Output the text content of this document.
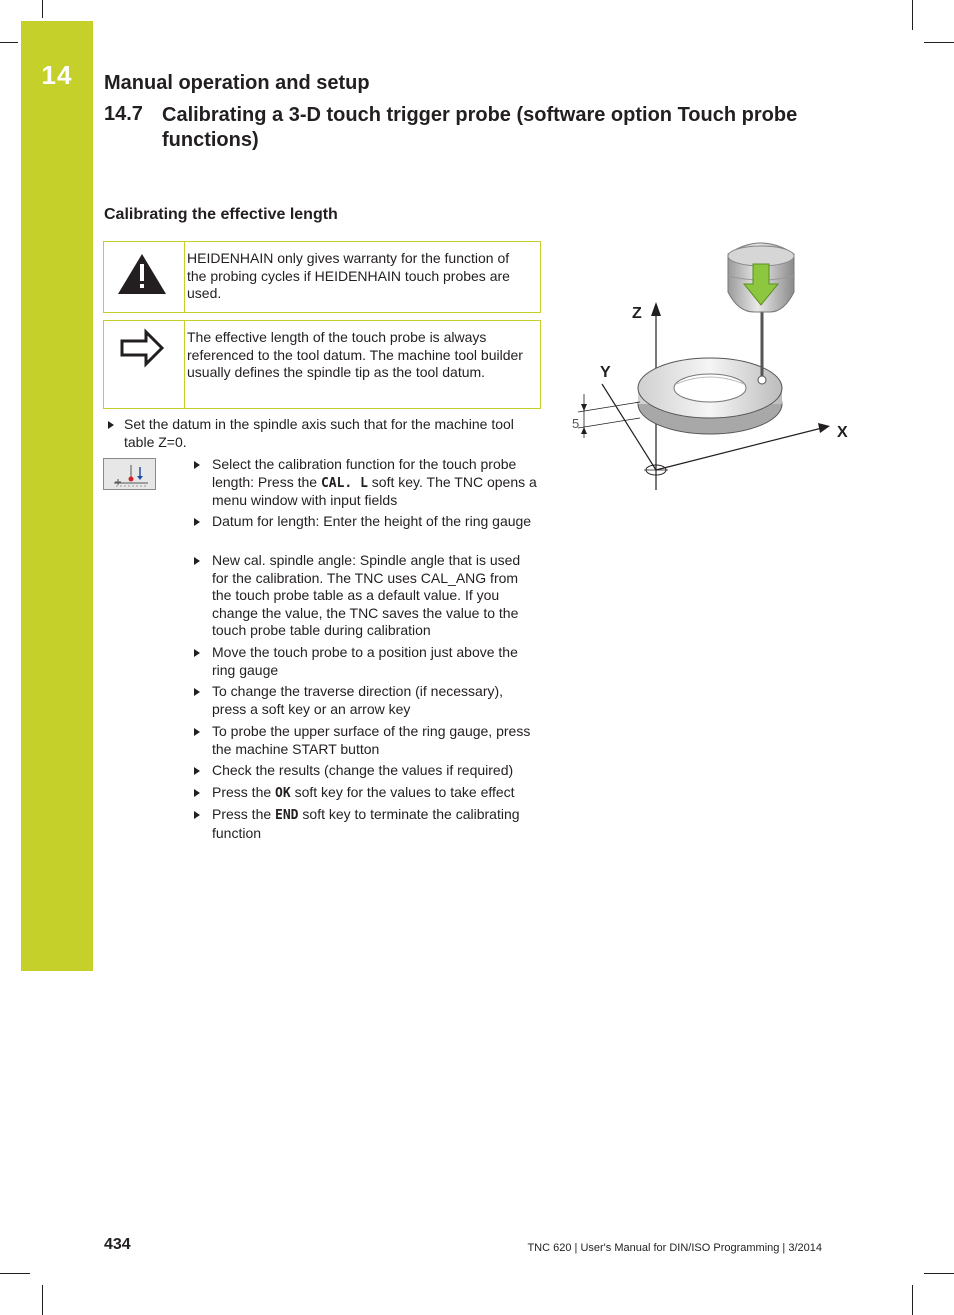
14	Manual operation and setup
14.7 Calibrating a 3-D touch trigger probe (software option Touch probe functions)
Calibrating the effective length
HEIDENHAIN only gives warranty for the function of the probing cycles if HEIDENHAIN touch probes are used.
The effective length of the touch probe is always referenced to the tool datum. The machine tool builder usually defines the spindle tip as the tool datum.
Set the datum in the spindle axis such that for the machine tool table Z=0.
Select the calibration function for the touch probe length: Press the CAL. L soft key. The TNC opens a menu window with input fields
Datum for length: Enter the height of the ring gauge
New cal. spindle angle: Spindle angle that is used for the calibration. The TNC uses CAL_ANG from the touch probe table as a default value. If you change the value, the TNC saves the value to the touch probe table during calibration
Move the touch probe to a position just above the ring gauge
To change the traverse direction (if necessary), press a soft key or an arrow key
To probe the upper surface of the ring gauge, press the machine START button
Check the results (change the values if required)
Press the OK soft key for the values to take effect
Press the END soft key to terminate the calibrating function
Z
Y
5
X
434	TNC 620 | User's Manual for DIN/ISO Programming | 3/2014
